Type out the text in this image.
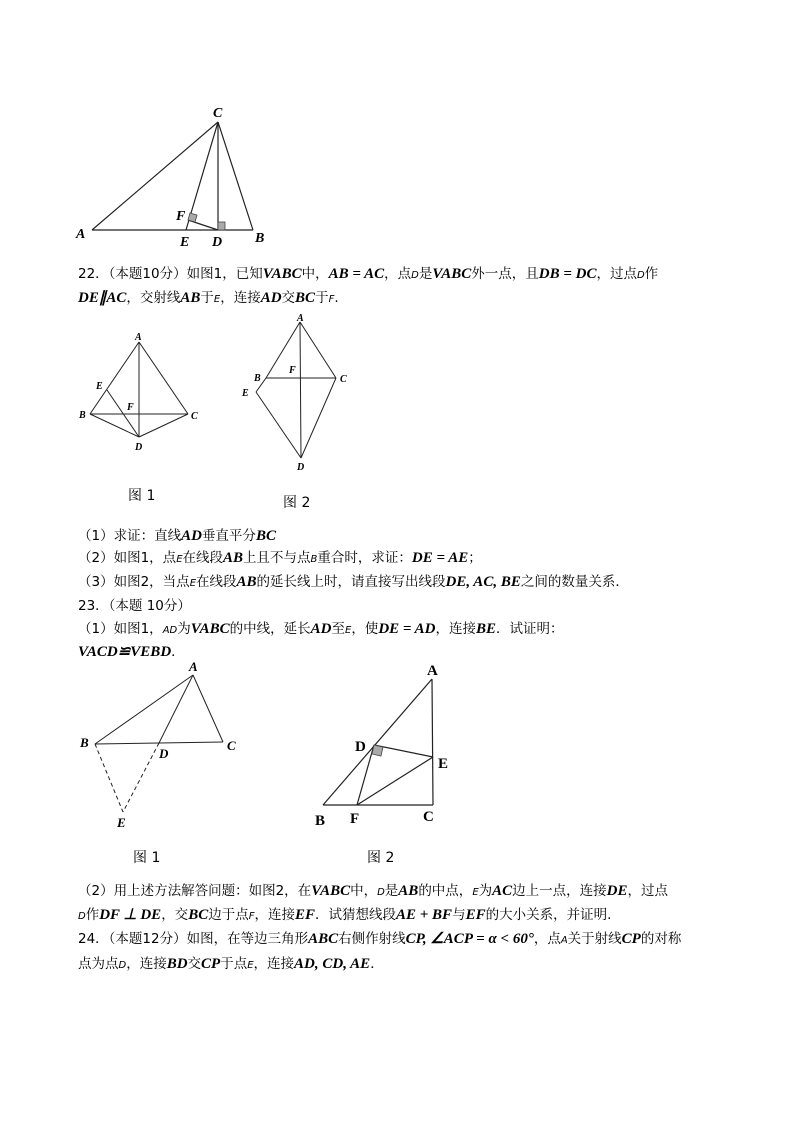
C
A
F
E D B
22．（本题10分）如图1，已知VABC中，AB = AC，点D是VABC外一点，且DB = DC，过点D作
DE∥AC，交射线AB于E，连接AD交BC于F.
A
E
B
F
C
D
图 1
A
B
F
C
E
D
图 2
（1）求证：直线AD垂直平分BC
（2）如图1，点E在线段AB上且不与点B重合时，求证：DE = AE；
（3）如图2，当点E在线段AB的延长线上时，请直接写出线段DE, AC, BE之间的数量关系．
23．（本题 10分）
（1）如图1，AD为VABC的中线，延长AD至E，使DE = AD，连接BE．试证明：
VACD≌VEBD．
A
B
D
C
E
图 1
A
D
E
B F	C
图 2
（2）用上述方法解答问题：如图2，在VABC中，D是AB的中点，E为AC边上一点，连接DE，过点
D作DF ⊥ DE，交BC边于点F，连接EF．试猜想线段AE + BF与EF的大小关系，并证明.
24．（本题12分）如图，在等边三角形ABC右侧作射线CP, ∠ACP = α < 60°，点A关于射线CP的对称
点为点D，连接BD交CP于点E，连接AD, CD, AE．
